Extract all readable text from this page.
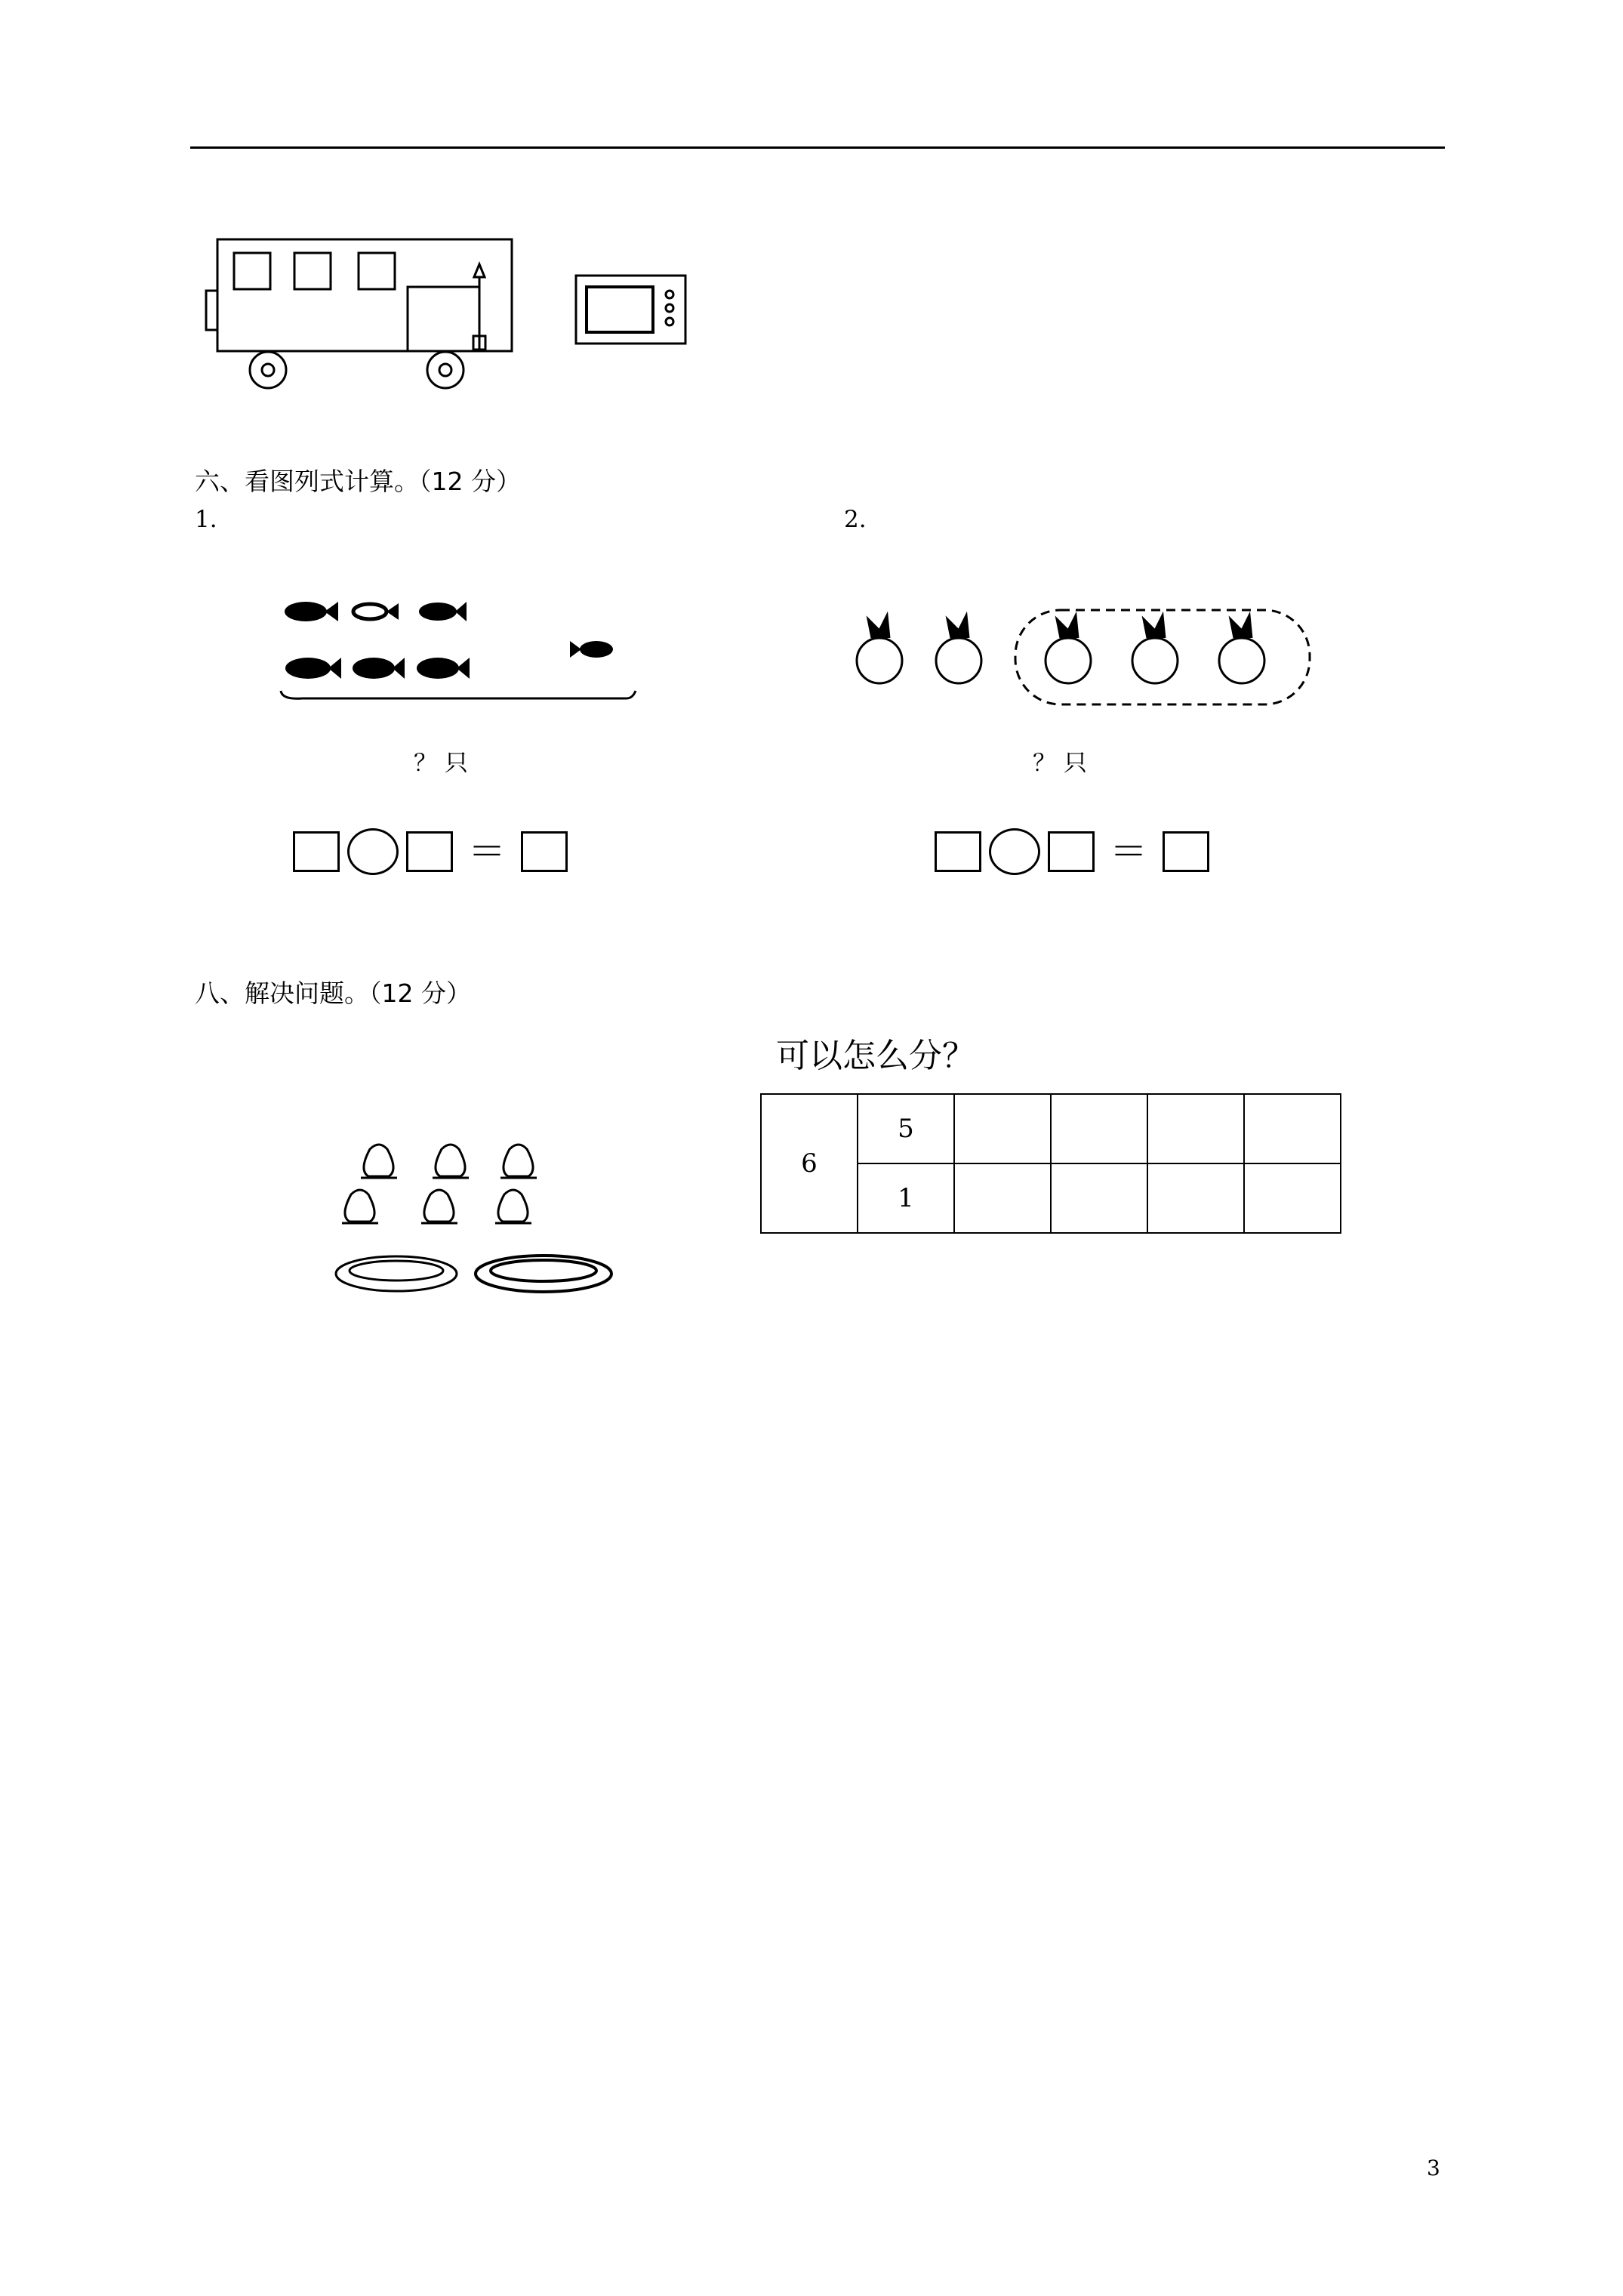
六、看图列式计算。（12 分）
1.	2.
？ 只	？ 只
＝	＝
八、解决问题。（12 分）
可以怎么分？
6	5				
	1				
3
